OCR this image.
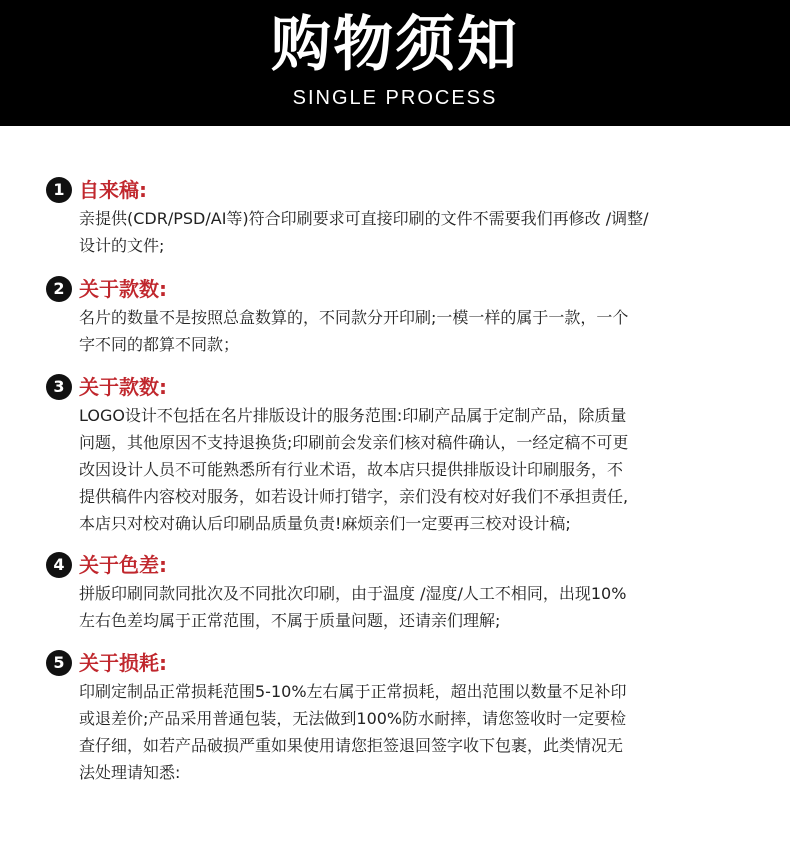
购物须知
SINGLE PROCESS
1 自来稿:
亲提供(CDR/PSD/AI等)符合印刷要求可直接印刷的文件不需要我们再修改 /调整/
设计的文件;
2 关于款数:
名片的数量不是按照总盒数算的，不同款分开印刷;一模一样的属于一款，一个
字不同的都算不同款；
3 关于款数:
LOGO设计不包括在名片排版设计的服务范围:印刷产品属于定制产品，除质量
问题，其他原因不支持退换货;印刷前会发亲们核对稿件确认，一经定稿不可更
改因设计人员不可能熟悉所有行业术语，故本店只提供排版设计印刷服务，不
提供稿件内容校对服务，如若设计师打错字，亲们没有校对好我们不承担责任,
本店只对校对确认后印刷品质量负责!麻烦亲们一定要再三校对设计稿;
4 关于色差:
拼版印刷同款同批次及不同批次印刷，由于温度 /湿度/人工不相同，出现10%
左右色差均属于正常范围，不属于质量问题，还请亲们理解;
5 关于损耗:
印刷定制品正常损耗范围5-10%左右属于正常损耗，超出范围以数量不足补印
或退差价;产品采用普通包装，无法做到100%防水耐摔，请您签收时一定要检
查仔细，如若产品破损严重如果使用请您拒签退回签字收下包裹，此类情况无
法处理请知悉:
